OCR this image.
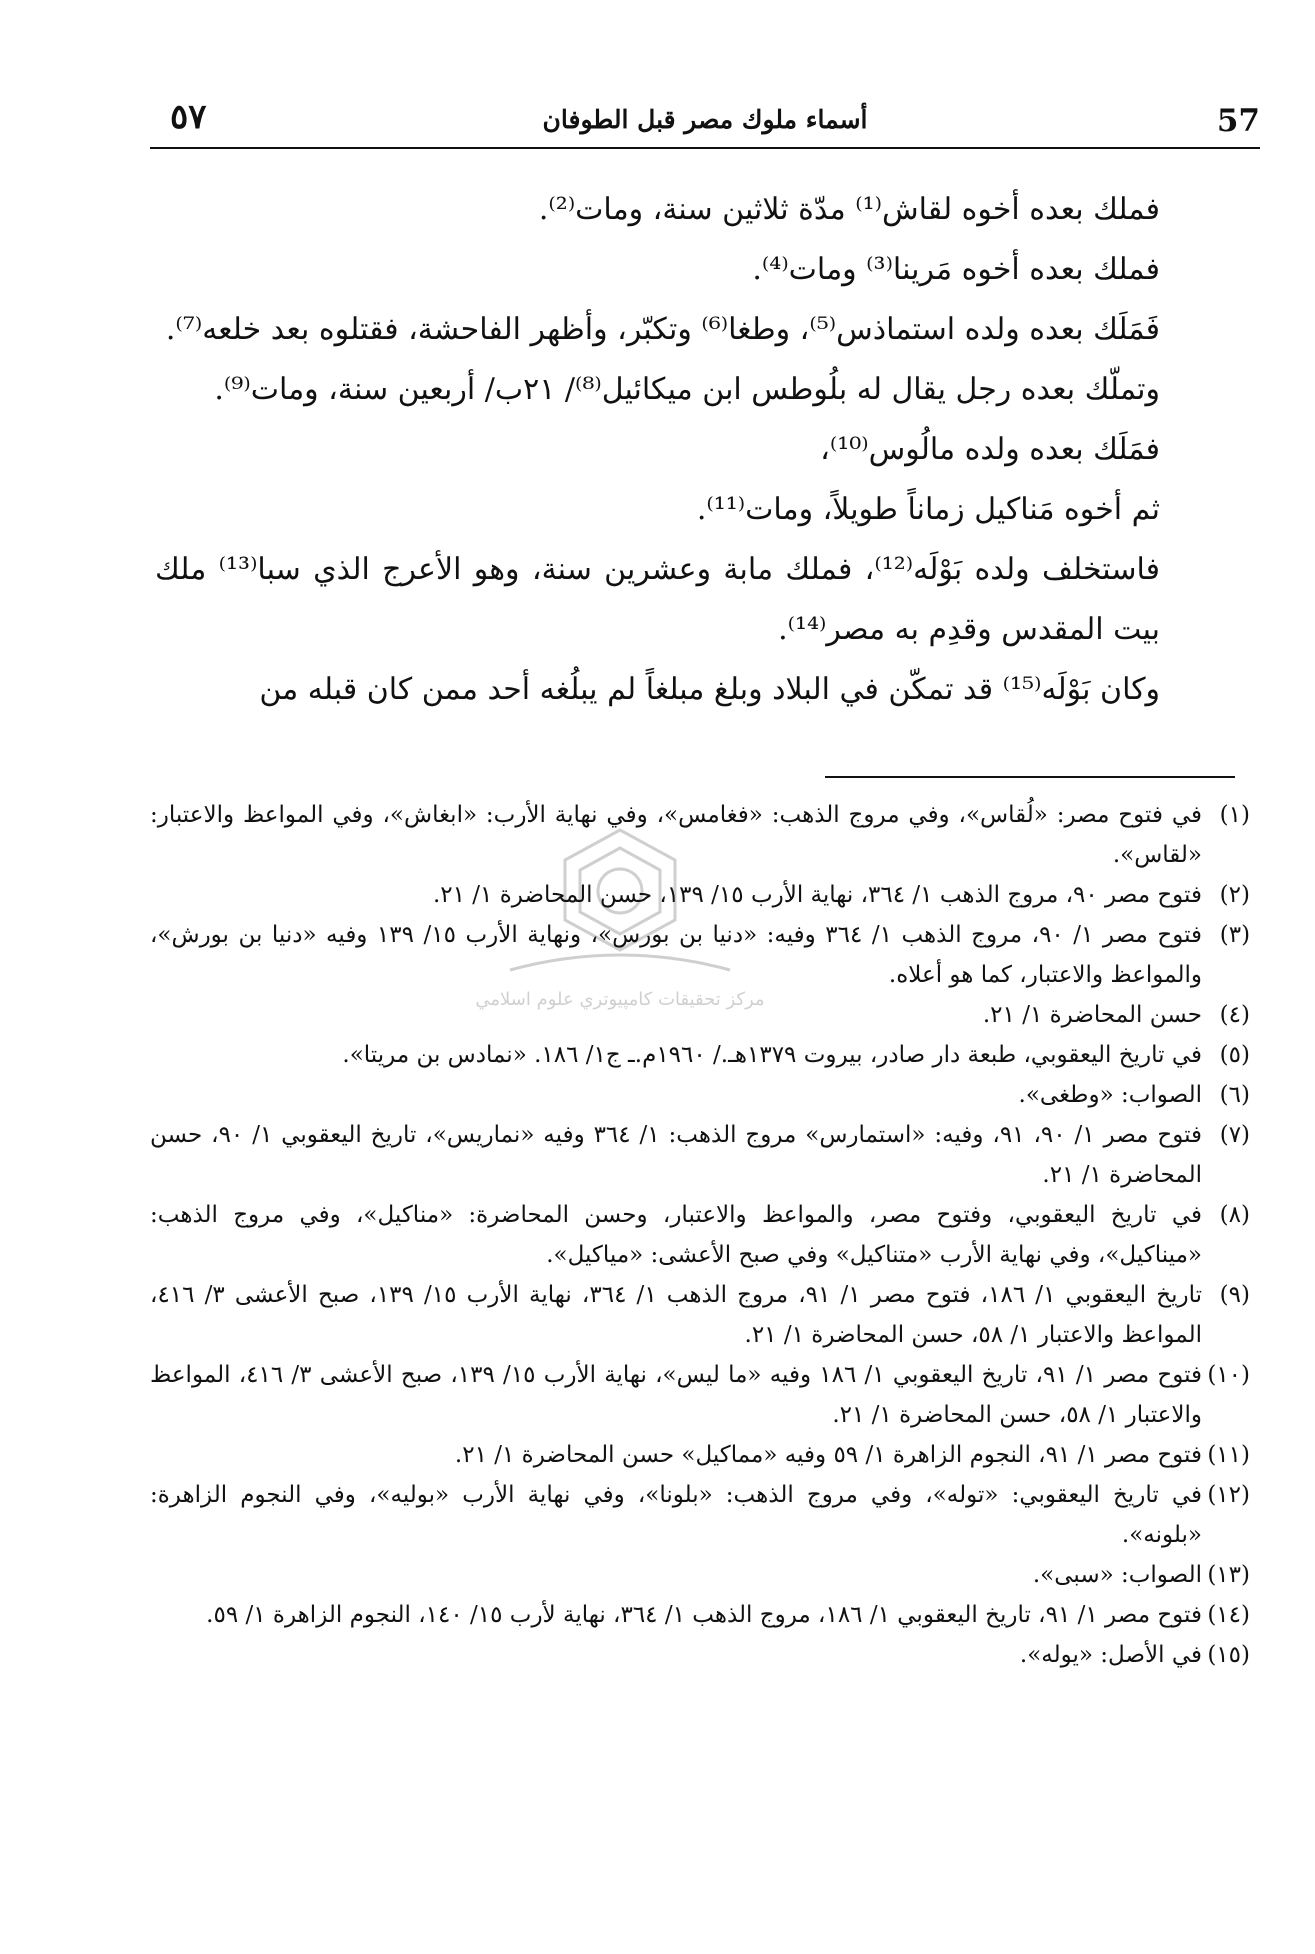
٥٧	أسماء ملوك مصر قبل الطوفان	57

فملك بعده أخوه لقاش⁽¹⁾ مدّة ثلاثين سنة، ومات⁽²⁾.

فملك بعده أخوه مَرينا⁽³⁾ ومات⁽⁴⁾.

فَمَلَك بعده ولده استماذس⁽⁵⁾، وطغا⁽⁶⁾ وتكبّر، وأظهر الفاحشة، فقتلوه بعد خلعه⁽⁷⁾.

وتملّك بعده رجل يقال له بلُوطس ابن ميكائيل⁽⁸⁾/ ٢١ب/ أربعين سنة، ومات⁽⁹⁾.

فمَلَك بعده ولده مالُوس⁽¹⁰⁾،

ثم أخوه مَناكيل زماناً طويلاً، ومات⁽¹¹⁾.

فاستخلف ولده بَوْلَه⁽¹²⁾، فملك مابة وعشرين سنة، وهو الأعرج الذي سبا⁽¹³⁾ ملك بيت المقدس وقدِم به مصر⁽¹⁴⁾.

وكان بَوْلَه⁽¹⁵⁾ قد تمكّن في البلاد وبلغ مبلغاً لم يبلُغه أحد ممن كان قبله من

مركز تحقيقات كامپيوتري علوم اسلامي

(١)في فتوح مصر: «لُقاس»، وفي مروج الذهب: «فغامس»، وفي نهاية الأرب: «ابغاش»، وفي المواعظ والاعتبار: «لقاس».

(٢)فتوح مصر ٩٠، مروج الذهب ١/ ٣٦٤، نهاية الأرب ١٥/ ١٣٩، حسن المحاضرة ١/ ٢١.

(٣)فتوح مصر ١/ ٩٠، مروج الذهب ١/ ٣٦٤ وفيه: «دنيا بن بورس»، ونهاية الأرب ١٥/ ١٣٩ وفيه «دنيا بن بورش»، والمواعظ والاعتبار، كما هو أعلاه.

(٤)حسن المحاضرة ١/ ٢١.

(٥)في تاريخ اليعقوبي، طبعة دار صادر، بيروت ١٣٧٩هـ./ ١٩٦٠م.ـ ج١/ ١٨٦. «نمادس بن مريتا».

(٦)الصواب: «وطغى».

(٧)فتوح مصر ١/ ٩٠، ٩١، وفيه: «استمارس» مروج الذهب: ١/ ٣٦٤ وفيه «نماريس»، تاريخ اليعقوبي ١/ ٩٠، حسن المحاضرة ١/ ٢١.

(٨)في تاريخ اليعقوبي، وفتوح مصر، والمواعظ والاعتبار، وحسن المحاضرة: «مناكيل»، وفي مروج الذهب: «ميناكيل»، وفي نهاية الأرب «متناكيل» وفي صبح الأعشى: «مياكيل».

(٩)تاريخ اليعقوبي ١/ ١٨٦، فتوح مصر ١/ ٩١، مروج الذهب ١/ ٣٦٤، نهاية الأرب ١٥/ ١٣٩، صبح الأعشى ٣/ ٤١٦، المواعظ والاعتبار ١/ ٥٨، حسن المحاضرة ١/ ٢١.

(١٠)فتوح مصر ١/ ٩١، تاريخ اليعقوبي ١/ ١٨٦ وفيه «ما ليس»، نهاية الأرب ١٥/ ١٣٩، صبح الأعشى ٣/ ٤١٦، المواعظ والاعتبار ١/ ٥٨، حسن المحاضرة ١/ ٢١.

(١١)فتوح مصر ١/ ٩١، النجوم الزاهرة ١/ ٥٩ وفيه «مماكيل» حسن المحاضرة ١/ ٢١.

(١٢)في تاريخ اليعقوبي: «توله»، وفي مروج الذهب: «بلونا»، وفي نهاية الأرب «بوليه»، وفي النجوم الزاهرة: «بلونه».

(١٣)الصواب: «سبى».

(١٤)فتوح مصر ١/ ٩١، تاريخ اليعقوبي ١/ ١٨٦، مروج الذهب ١/ ٣٦٤، نهاية لأرب ١٥/ ١٤٠، النجوم الزاهرة ١/ ٥٩.

(١٥)في الأصل: «يوله».
